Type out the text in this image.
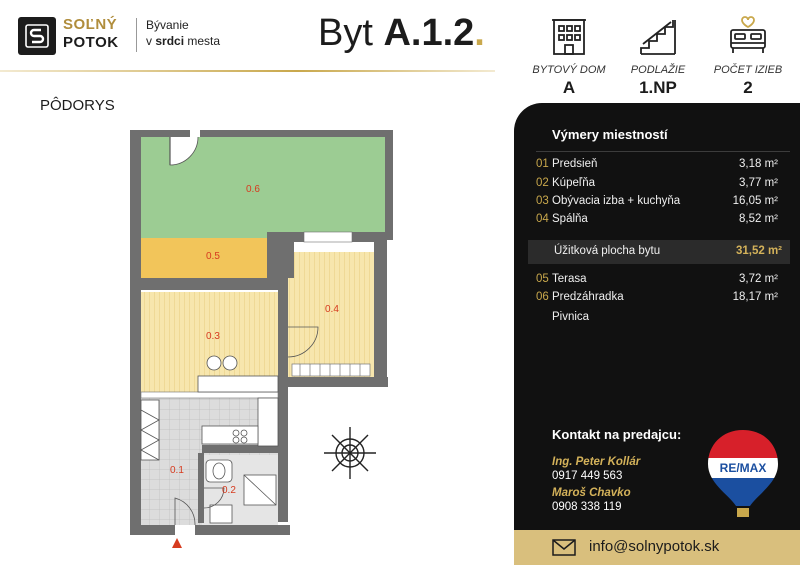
SOĽNÝ
POTOK
Bývanie
v srdci mesta	Byt A.1.2.
BYTOVÝ DOM
A
PODLAŽIE
1.NP
POČET IZIEB
2
PÔDORYS
0.6
0.5
0.3
0.4
0.1
0.2
Výmery miestností
01 Predsieň	3,18 m²
02 Kúpeľňa	3,77 m²
03 Obývacia izba + kuchyňa	16,05 m²
04 Spálňa	8,52 m²
Úžitková plocha bytu	31,52 m²
05 Terasa	3,72 m²
06 Predzáhradka	18,17 m²
Pivnica
Kontakt na predajcu:
Ing. Peter Kollár
0917 449 563
Maroš Chavko
0908 338 119
RE/MAX
info@solnypotok.sk
